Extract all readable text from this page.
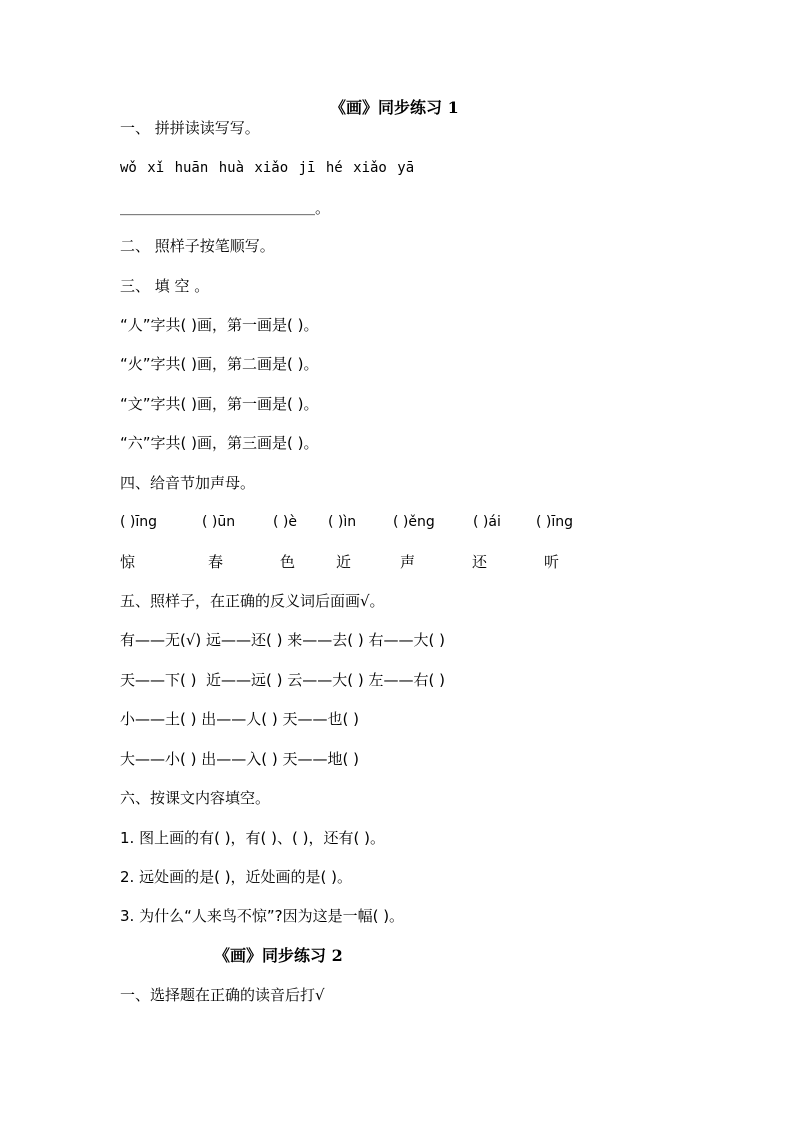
《画》同步练习 1
一、 拼拼读读写写。
wǒ xǐ huān huà xiǎo jī hé xiǎo yā
＿＿＿＿＿＿＿＿＿＿＿＿＿。
二、 照样子按笔顺写。
三、 填 空 。
“人”字共( )画，第一画是( )。
“火”字共( )画，第二画是( )。
“文”字共( )画，第一画是( )。
“六”字共( )画，第三画是( )。
四、给音节加声母。
( )īng	( )ūn	( )è ( )ìn	( )ěng	( )ái	( )īng
惊	春	色	近	声	还	听
五、照样子，在正确的反义词后面画√。
有——无(√) 远——还( ) 来——去( ) 右——大( )
天——下( )  近——远( ) 云——大( ) 左——右( )
小——土( ) 出——人( ) 天——也( )
大——小( ) 出——入( ) 天——地( )
六、按课文内容填空。
1. 图上画的有( )，有( )、( )，还有( )。
2. 远处画的是( )，近处画的是( )。
3. 为什么“人来鸟不惊”?因为这是一幅( )。
《画》同步练习 2
一、选择题在正确的读音后打√
